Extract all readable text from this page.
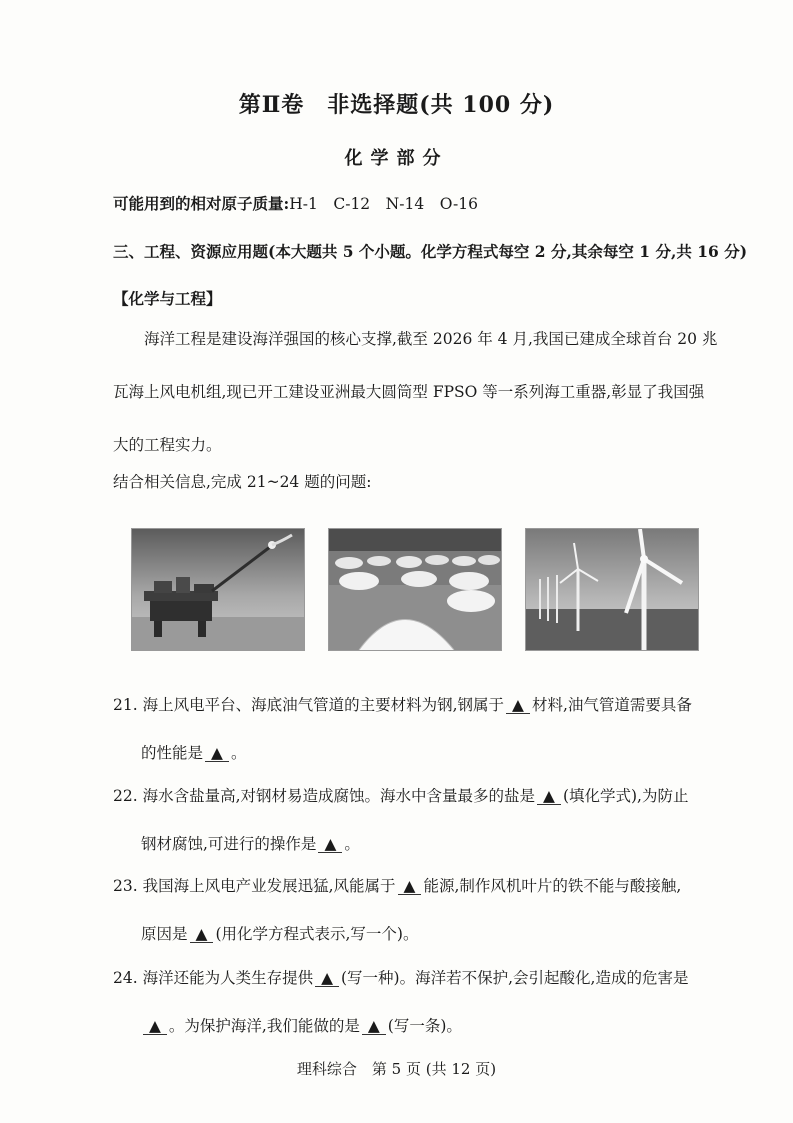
第Ⅱ卷　非选择题(共 100 分)
化学部分
可能用到的相对原子质量:H-1　C-12　N-14　O-16
三、工程、资源应用题(本大题共 5 个小题。化学方程式每空 2 分,其余每空 1 分,共 16 分)
【化学与工程】

海洋工程是建设海洋强国的核心支撑,截至 2026 年 4 月,我国已建成全球首台 20 兆

瓦海上风电机组,现已开工建设亚洲最大圆筒型 FPSO 等一系列海工重器,彰显了我国强

大的工程实力。

结合相关信息,完成 21~24 题的问题:

21. 海上风电平台、海底油气管道的主要材料为钢,钢属于 ▲ 材料,油气管道需要具备

的性能是 ▲ 。

22. 海水含盐量高,对钢材易造成腐蚀。海水中含量最多的盐是 ▲ (填化学式),为防止

钢材腐蚀,可进行的操作是 ▲ 。

23. 我国海上风电产业发展迅猛,风能属于 ▲ 能源,制作风机叶片的铁不能与酸接触,

原因是 ▲ (用化学方程式表示,写一个)。

24. 海洋还能为人类生存提供 ▲ (写一种)。海洋若不保护,会引起酸化,造成的危害是

▲ 。为保护海洋,我们能做的是 ▲ (写一条)。

理科综合　第 5 页 (共 12 页)
